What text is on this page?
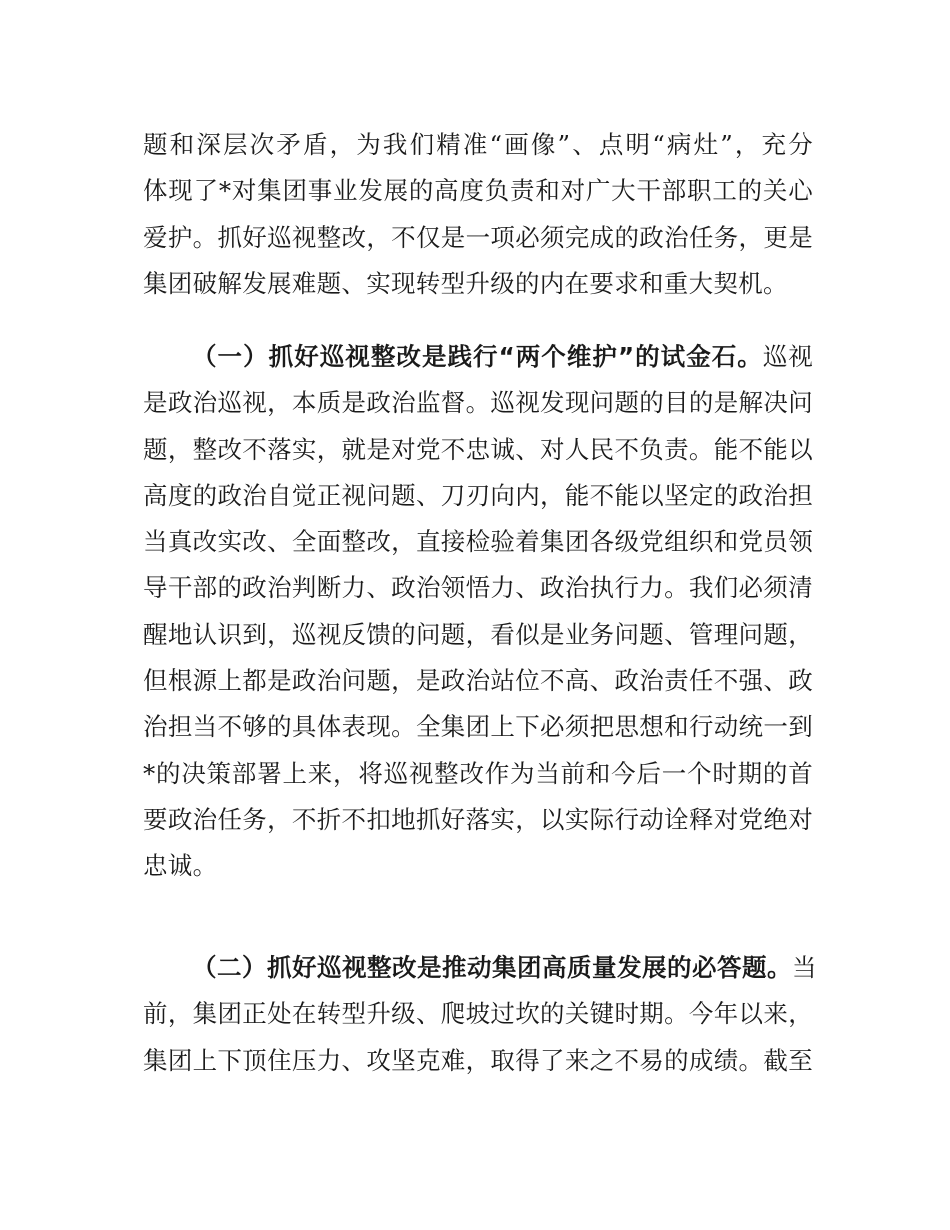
题和深层次矛盾，为我们精准“画像”、点明“病灶”，充分
体现了*对集团事业发展的高度负责和对广大干部职工的关心
爱护。抓好巡视整改，不仅是一项必须完成的政治任务，更是
集团破解发展难题、实现转型升级的内在要求和重大契机。
（一）抓好巡视整改是践行“两个维护”的试金石。巡视
是政治巡视，本质是政治监督。巡视发现问题的目的是解决问
题，整改不落实，就是对党不忠诚、对人民不负责。能不能以
高度的政治自觉正视问题、刀刃向内，能不能以坚定的政治担
当真改实改、全面整改，直接检验着集团各级党组织和党员领
导干部的政治判断力、政治领悟力、政治执行力。我们必须清
醒地认识到，巡视反馈的问题，看似是业务问题、管理问题，
但根源上都是政治问题，是政治站位不高、政治责任不强、政
治担当不够的具体表现。全集团上下必须把思想和行动统一到
*的决策部署上来，将巡视整改作为当前和今后一个时期的首
要政治任务，不折不扣地抓好落实，以实际行动诠释对党绝对
忠诚。
（二）抓好巡视整改是推动集团高质量发展的必答题。当
前，集团正处在转型升级、爬坡过坎的关键时期。今年以来，
集团上下顶住压力、攻坚克难，取得了来之不易的成绩。截至
